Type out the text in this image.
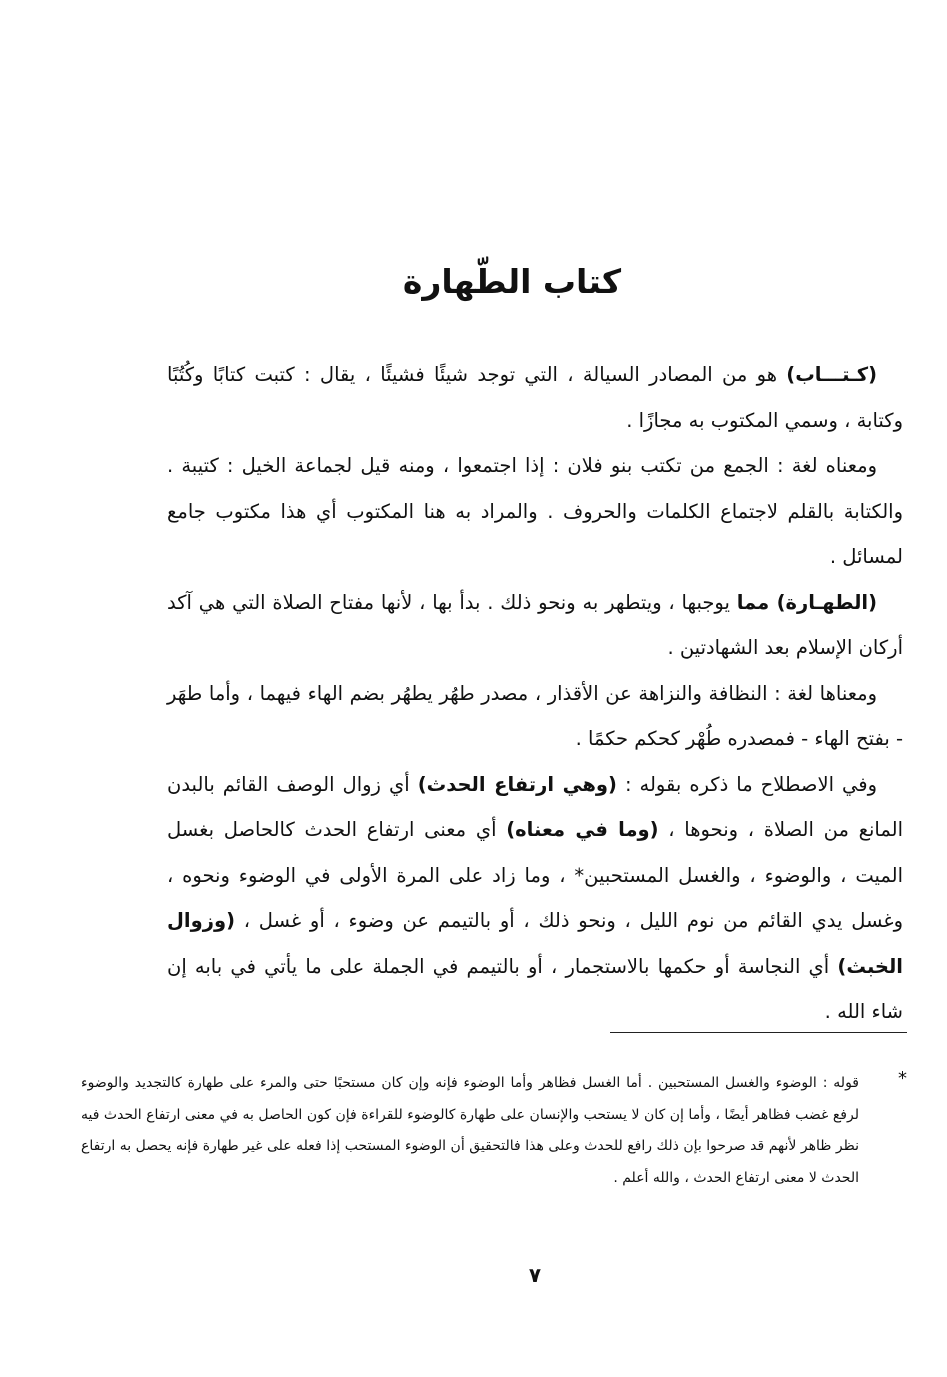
كتاب الطّهارة

(كـتـــاب) هو من المصادر السيالة ، التي توجد شيئًا فشيئًا ، يقال : كتبت كتابًا وكُتُبًا وكتابة ، وسمي المكتوب به مجازًا .

ومعناه لغة : الجمع من تكتب بنو فلان : إذا اجتمعوا ، ومنه قيل لجماعة الخيل : كتيبة . والكتابة بالقلم لاجتماع الكلمات والحروف . والمراد به هنا المكتوب أي هذا مكتوب جامع لمسائل .

(الطهـارة) مما يوجبها ، ويتطهر به ونحو ذلك . بدأ بها ، لأنها مفتاح الصلاة التي هي آكد أركان الإسلام بعد الشهادتين .

ومعناها لغة : النظافة والنزاهة عن الأقذار ، مصدر طهُر يطهُر بضم الهاء فيهما ، وأما طهَر - بفتح الهاء - فمصدره طُهْر كحكم حكمًا .

وفي الاصطلاح ما ذكره بقوله : (وهي ارتفاع الحدث) أي زوال الوصف القائم بالبدن المانع من الصلاة ، ونحوها ، (وما في معناه) أي معنى ارتفاع الحدث كالحاصل بغسل الميت ، والوضوء ، والغسل المستحبين* ، وما زاد على المرة الأولى في الوضوء ونحوه ، وغسل يدي القائم من نوم الليل ، ونحو ذلك ، أو بالتيمم عن وضوء ، أو غسل ، (وزوال الخبث) أي النجاسة أو حكمها بالاستجمار ، أو بالتيمم في الجملة على ما يأتي في بابه إن شاء الله .

*
قوله : الوضوء والغسل المستحبين . أما الغسل فظاهر وأما الوضوء فإنه وإن كان مستحبًا حتى والمرء على طهارة كالتجديد والوضوء لرفع غضب فظاهر أيضًا ، وأما إن كان لا يستحب والإنسان على طهارة كالوضوء للقراءة فإن كون الحاصل به في معنى ارتفاع الحدث فيه نظر ظاهر لأنهم قد صرحوا بإن ذلك رافع للحدث وعلى هذا فالتحقيق أن الوضوء المستحب إذا فعله على غير طهارة فإنه يحصل به ارتفاع الحدث لا معنى ارتفاع الحدث ، والله أعلم .
٧
